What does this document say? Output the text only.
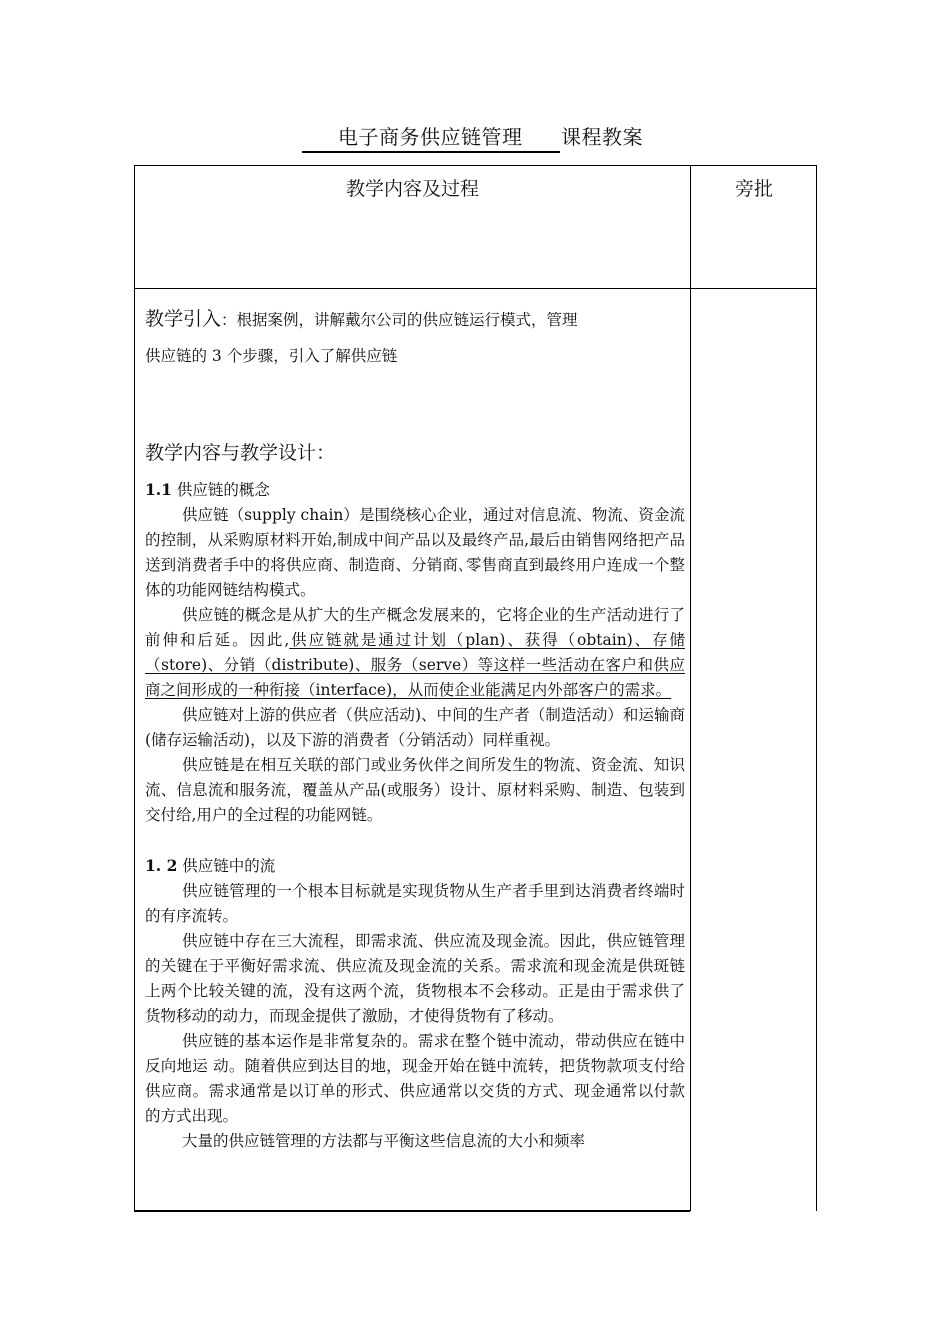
电子商务供应链管理 课程教案
教学内容及过程	旁批

教学引入：根据案例，讲解戴尔公司的供应链运行模式，管理

供应链的 3 个步骤，引入了解供应链

教学内容与教学设计：

1.1 供应链的概念

供应链（supply chain）是围绕核心企业，通过对信息流、物流、资金流的控制，从采购原材料开始,制成中间产品以及最终产品,最后由销售网络把产品送到消费者手中的将供应商、制造商、分销商､零售商直到最终用户连成一个整体的功能网链结构模式。

供应链的概念是从扩大的生产概念发展来的，它将企业的生产活动进行了前伸和后延。因此,供应链就是通过计划（plan)、获得（obtain)、存储（store)、分销（distribute)、服务（serve）等这样一些活动在客户和供应商之间形成的一种衔接（interface)，从而使企业能满足内外部客户的需求。

供应链对上游的供应者（供应活动)、中间的生产者（制造活动）和运输商(储存运输活动)，以及下游的消费者（分销活动）同样重视。

供应链是在相互关联的部门或业务伙伴之间所发生的物流、资金流、知识流、信息流和服务流，覆盖从产品(或服务）设计、原材料采购、制造、包装到交付给,用户的全过程的功能网链。

1. 2 供应链中的流

供应链管理的一个根本目标就是实现货物从生产者手里到达消费者终端时的有序流转。

供应链中存在三大流程，即需求流、供应流及现金流。因此，供应链管理的关键在于平衡好需求流、供应流及现金流的关系。需求流和现金流是供斑链上两个比较关键的流，没有这两个流，货物根本不会移动。正是由于需求供了货物移动的动力，而现金提供了激励，才使得货物有了移动。

供应链的基本运作是非常复杂的。需求在整个链中流动，带动供应在链中反向地运 动。随着供应到达目的地，现金开始在链中流转，把货物款项支付给供应商。需求通常是以订单的形式、供应通常以交货的方式、现金通常以付款的方式出现。

大量的供应链管理的方法都与平衡这些信息流的大小和频率
